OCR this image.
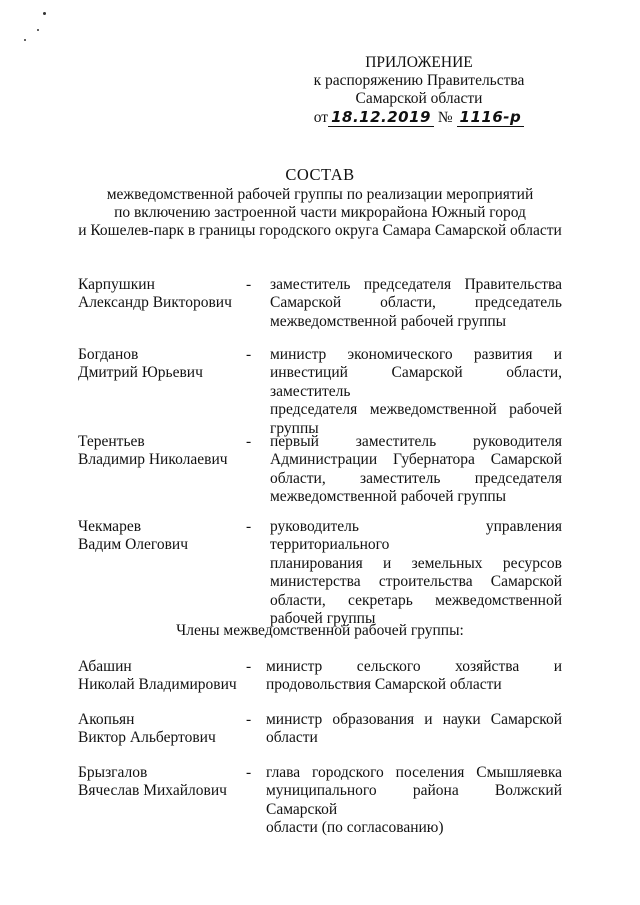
ПРИЛОЖЕНИЕ
к распоряжению Правительства
Самарской области
от 18.12.2019 № 1116-р
СОСТАВ
межведомственной рабочей группы по реализации мероприятий
по включению застроенной части микрорайона Южный город
и Кошелев-парк в границы городского округа Самара Самарской области
Карпушкин
Александр Викторович
- заместитель председателя Правительства
Самарской области, председатель
межведомственной рабочей группы
Богданов
Дмитрий Юрьевич
- министр экономического развития и
инвестиций Самарской области, заместитель
председателя межведомственной рабочей
группы
Терентьев
Владимир Николаевич
- первый заместитель руководителя
Администрации Губернатора Самарской
области, заместитель председателя
межведомственной рабочей группы
Чекмарев
Вадим Олегович
- руководитель управления территориального
планирования и земельных ресурсов
министерства строительства Самарской
области, секретарь межведомственной
рабочей группы
Члены межведомственной рабочей группы:
Абашин
Николай Владимирович
- министр сельского хозяйства и
продовольствия Самарской области
Акопьян
Виктор Альбертович
- министр образования и науки Самарской
области
Брызгалов
Вячеслав Михайлович
- глава городского поселения Смышляевка
муниципального района Волжский Самарской
области (по согласованию)
